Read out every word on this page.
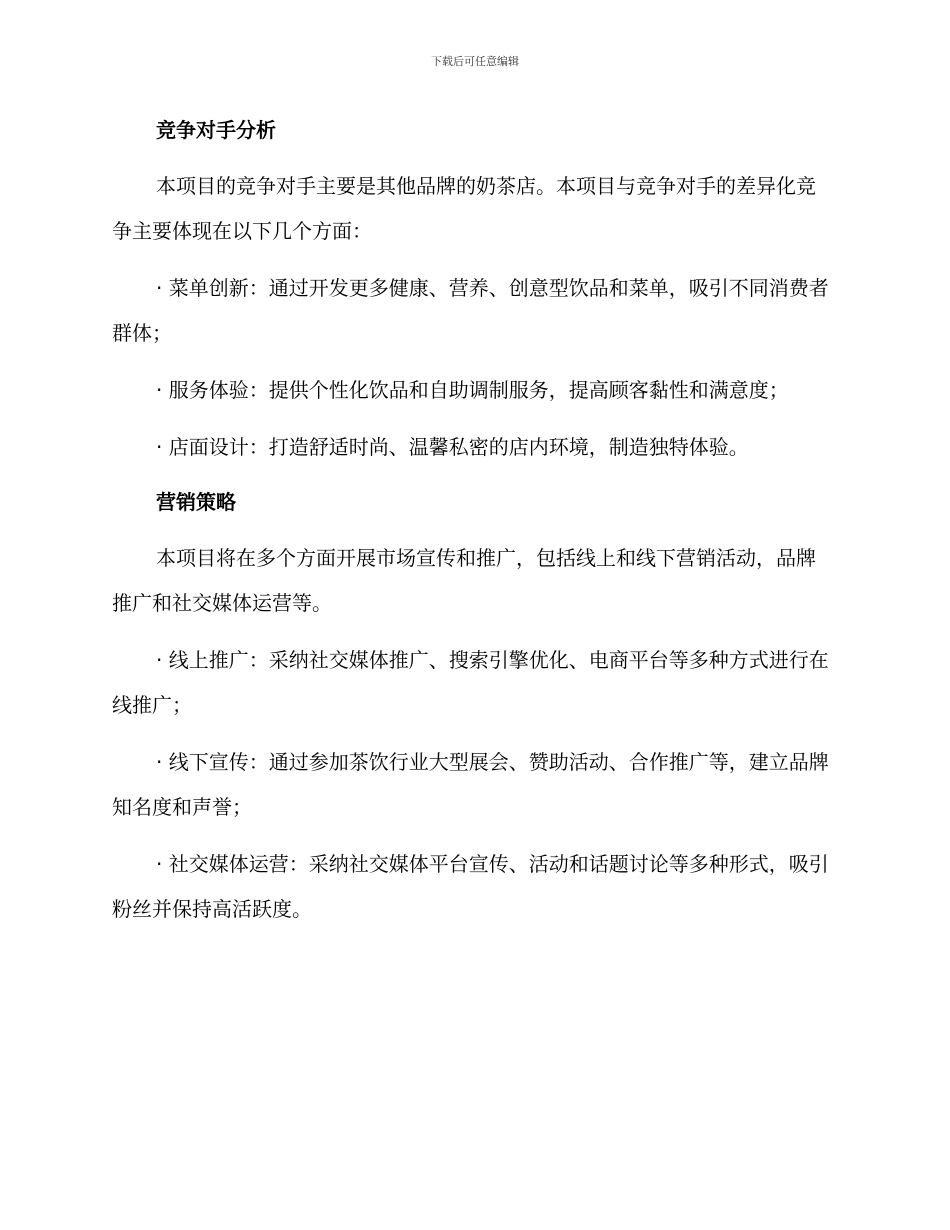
下载后可任意编辑
竞争对手分析
本项目的竞争对手主要是其他品牌的奶茶店。本项目与竞争对手的差异化竞争主要体现在以下几个方面：
· 菜单创新：通过开发更多健康、营养、创意型饮品和菜单，吸引不同消费者群体；
· 服务体验：提供个性化饮品和自助调制服务，提高顾客黏性和满意度；
· 店面设计：打造舒适时尚、温馨私密的店内环境，制造独特体验。
营销策略
本项目将在多个方面开展市场宣传和推广，包括线上和线下营销活动，品牌推广和社交媒体运营等。
· 线上推广：采纳社交媒体推广、搜索引擎优化、电商平台等多种方式进行在线推广；
· 线下宣传：通过参加茶饮行业大型展会、赞助活动、合作推广等，建立品牌知名度和声誉；
· 社交媒体运营：采纳社交媒体平台宣传、活动和话题讨论等多种形式，吸引粉丝并保持高活跃度。
